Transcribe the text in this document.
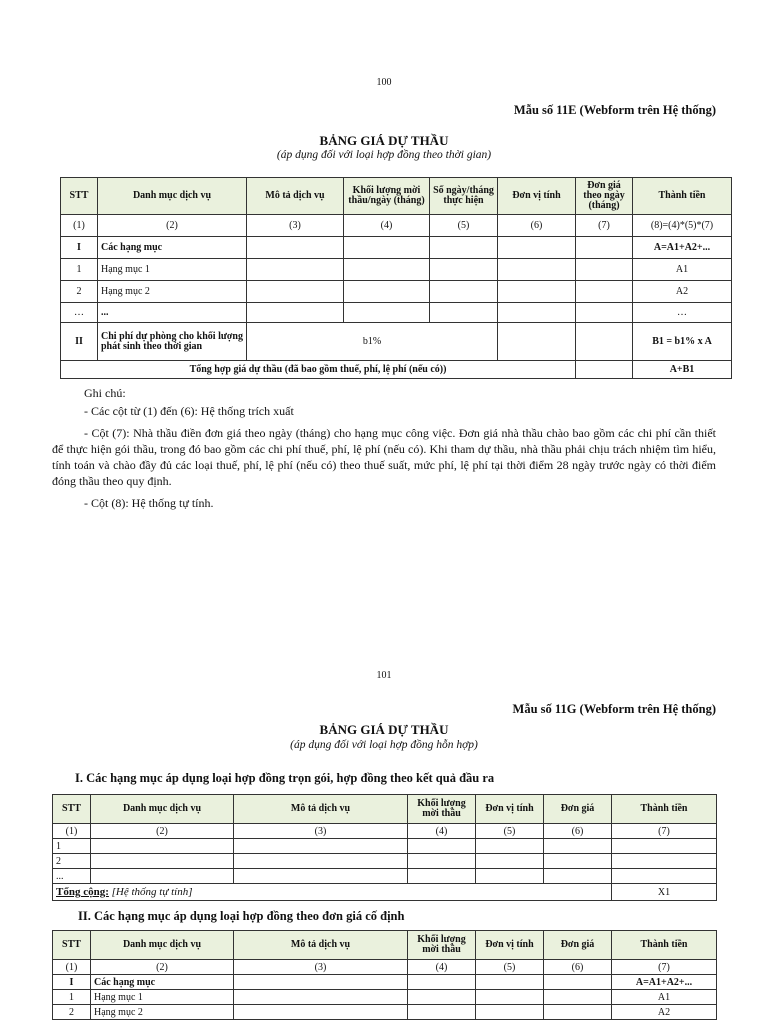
100
Mẫu số 11E (Webform trên Hệ thống)
BẢNG GIÁ DỰ THẦU
(áp dụng đối với loại hợp đồng theo thời gian)
STT	Danh mục dịch vụ	Mô tả dịch vụ	Khối lượng mời thầu/ngày (tháng)	Số ngày/tháng thực hiện	Đơn vị tính	Đơn giá theo ngày (tháng)	Thành tiền
(1)	(2)	(3)	(4)	(5)	(6)	(7)	(8)=(4)*(5)*(7)
I	Các hạng mục						A=A1+A2+...
1	Hạng mục 1						A1
2	Hạng mục 2						A2
…	...						…
II	Chi phí dự phòng cho khối lượng phát sinh theo thời gian	b1%					B1 = b1% x A
Tổng hợp giá dự thầu (đã bao gồm thuế, phí, lệ phí (nếu có))							A+B1

Ghi chú:

- Các cột từ (1) đến (6): Hệ thống trích xuất

- Cột (7): Nhà thầu điền đơn giá theo ngày (tháng) cho hạng mục công việc. Đơn giá nhà thầu chào bao gồm các chi phí cần thiết để thực hiện gói thầu, trong đó bao gồm các chi phí thuế, phí, lệ phí (nếu có). Khi tham dự thầu, nhà thầu phải chịu trách nhiệm tìm hiểu, tính toán và chào đầy đủ các loại thuế, phí, lệ phí (nếu có) theo thuế suất, mức phí, lệ phí tại thời điểm 28 ngày trước ngày có thời điểm đóng thầu theo quy định.

- Cột (8): Hệ thống tự tính.

101
Mẫu số 11G (Webform trên Hệ thống)
BẢNG GIÁ DỰ THẦU
(áp dụng đối với loại hợp đồng hỗn hợp)
I. Các hạng mục áp dụng loại hợp đồng trọn gói, hợp đồng theo kết quả đầu ra
STT	Danh mục dịch vụ	Mô tả dịch vụ	Khối lượng mời thầu	Đơn vị tính	Đơn giá	Thành tiền
(1)	(2)	(3)	(4)	(5)	(6)	(7)
1						
2						
...						
Tổng cộng: [Hệ thống tự tính]						X1
II. Các hạng mục áp dụng loại hợp đồng theo đơn giá cố định
STT	Danh mục dịch vụ	Mô tả dịch vụ	Khối lượng mời thầu	Đơn vị tính	Đơn giá	Thành tiền
(1)	(2)	(3)	(4)	(5)	(6)	(7)
I	Các hạng mục					A=A1+A2+...
1	Hạng mục 1					A1
2	Hạng mục 2					A2
